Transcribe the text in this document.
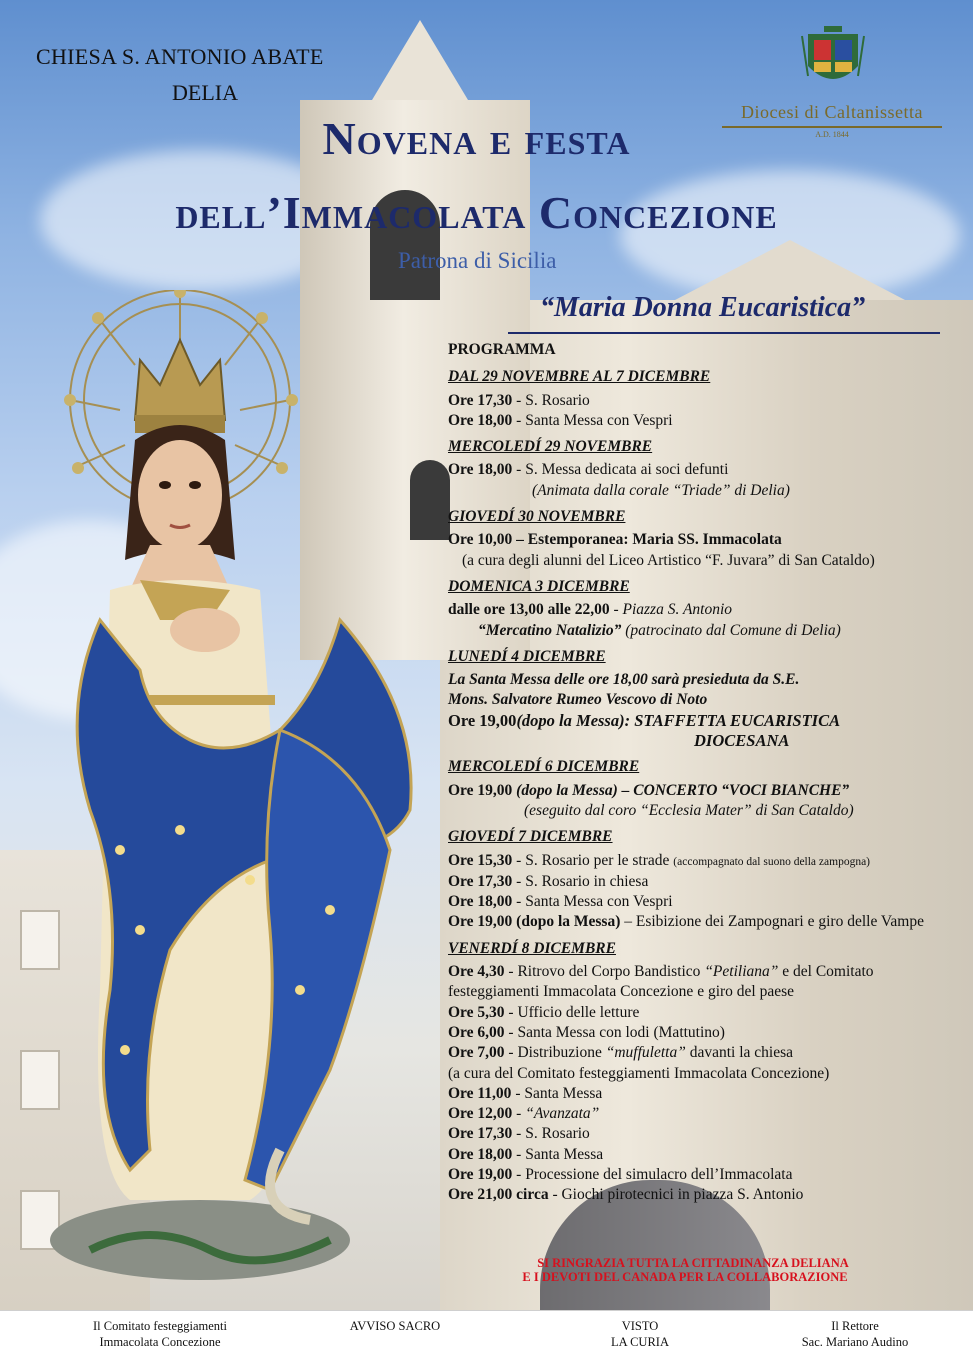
CHIESA S. ANTONIO ABATE
DELIA
Diocesi di Caltanissetta
A.D. 1844
Novena e festa
dell’Immacolata Concezione
Patrona di Sicilia
“Maria Donna Eucaristica”
PROGRAMMA
DAL 29 NOVEMBRE AL 7 DICEMBRE
Ore 17,30 - S. Rosario
Ore 18,00 - Santa Messa con Vespri
MERCOLEDÍ 29 NOVEMBRE
Ore 18,00 - S. Messa dedicata ai soci defunti
(Animata dalla corale “Triade” di Delia)
GIOVEDÍ 30 NOVEMBRE
Ore 10,00 – Estemporanea: Maria SS. Immacolata
(a cura degli alunni del Liceo Artistico “F. Juvara” di San Cataldo)
DOMENICA 3 DICEMBRE
dalle ore 13,00 alle 22,00 - Piazza S. Antonio
“Mercatino Natalizio” (patrocinato dal Comune di Delia)
LUNEDÍ 4 DICEMBRE
La Santa Messa delle ore 18,00 sarà presieduta da S.E.
Mons. Salvatore Rumeo Vescovo di Noto
Ore 19,00(dopo la Messa): STAFFETTA EUCARISTICA
DIOCESANA
MERCOLEDÍ 6 DICEMBRE
Ore 19,00 (dopo la Messa) – CONCERTO “VOCI BIANCHE”
(eseguito dal coro “Ecclesia Mater” di San Cataldo)
GIOVEDÍ 7 DICEMBRE
Ore 15,30 - S. Rosario per le strade (accompagnato dal suono della zampogna)
Ore 17,30 - S. Rosario in chiesa
Ore 18,00 - Santa Messa con Vespri
Ore 19,00 (dopo la Messa) – Esibizione dei Zampognari e giro delle Vampe
VENERDÍ 8 DICEMBRE
Ore 4,30 - Ritrovo del Corpo Bandistico “Petiliana” e del Comitato festeggiamenti Immacolata Concezione e giro del paese
Ore 5,30 - Ufficio delle letture
Ore 6,00 - Santa Messa con lodi (Mattutino)
Ore 7,00 - Distribuzione “muffuletta” davanti la chiesa
(a cura del Comitato festeggiamenti Immacolata Concezione)
Ore 11,00 - Santa Messa
Ore 12,00 - “Avanzata”
Ore 17,30 - S. Rosario
Ore 18,00 - Santa Messa
Ore 19,00 - Processione del simulacro dell’Immacolata
Ore 21,00 circa - Giochi pirotecnici in piazza S. Antonio
SI RINGRAZIA TUTTA LA CITTADINANZA DELIANA
E I DEVOTI DEL CANADA PER LA COLLABORAZIONE
Il Comitato festeggiamenti
Immacolata Concezione
AVVISO SACRO	VISTO
LA CURIA
Il Rettore
Sac. Mariano Audino
